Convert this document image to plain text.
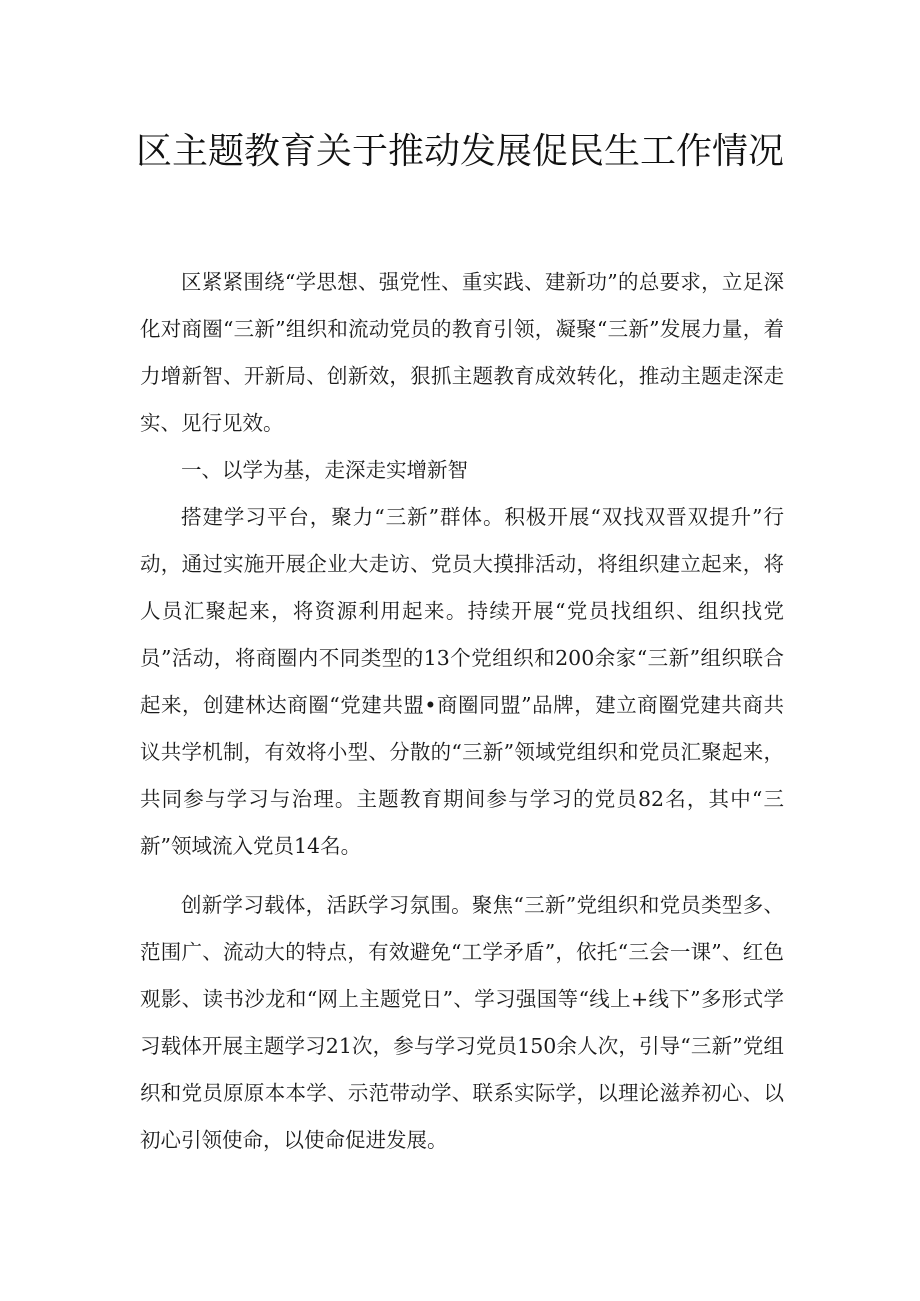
区主题教育关于推动发展促民生工作情况

区紧紧围绕“学思想、强党性、重实践、建新功”的总要求，立足深化对商圈“三新”组织和流动党员的教育引领，凝聚“三新”发展力量，着力增新智、开新局、创新效，狠抓主题教育成效转化，推动主题走深走实、见行见效。

一、以学为基，走深走实增新智

搭建学习平台，聚力“三新”群体。积极开展“双找双晋双提升”行动，通过实施开展企业大走访、党员大摸排活动，将组织建立起来，将人员汇聚起来，将资源利用起来。持续开展“党员找组织、组织找党员”活动，将商圈内不同类型的13个党组织和200余家“三新”组织联合起来，创建林达商圈“党建共盟•商圈同盟”品牌，建立商圈党建共商共议共学机制，有效将小型、分散的“三新”领域党组织和党员汇聚起来，共同参与学习与治理。主题教育期间参与学习的党员82名，其中“三新”领域流入党员14名。

创新学习载体，活跃学习氛围。聚焦“三新”党组织和党员类型多、范围广、流动大的特点，有效避免“工学矛盾”，依托“三会一课”、红色观影、读书沙龙和“网上主题党日”、学习强国等“线上+线下”多形式学习载体开展主题学习21次，参与学习党员150余人次，引导“三新”党组织和党员原原本本学、示范带动学、联系实际学，以理论滋养初心、以初心引领使命，以使命促进发展。
